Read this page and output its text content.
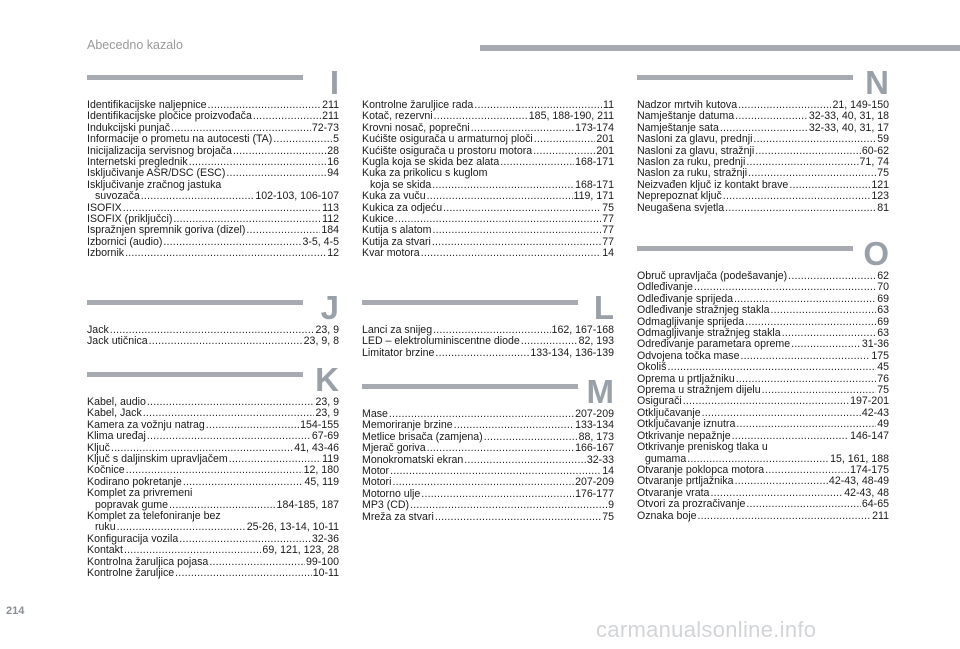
Abecedno kazalo
I
Identifikacijske naljepnice .....	211
Identifikacijske pločice proizvođača .....	211
Indukcijski punjač .....	72-73
Informacije o prometu na autocesti (TA) .....	5
Inicijalizacija servisnog brojača .....	28
Internetski preglednik .....	16
Isključivanje ASR/DSC (ESC) .....	94
Isključivanje zračnog jastuka
suvozača .....	102-103, 106-107
ISOFIX .....	113
ISOFIX (priključci) .....	112
Ispražnjen spremnik goriva (dizel) .....	184
Izbornici (audio) .....	3-5, 4-5
Izbornik .....	12
J
Jack .....	23, 9
Jack utičnica .....	23, 9, 8
K
Kabel, audio .....	23, 9
Kabel, Jack .....	23, 9
Kamera za vožnju natrag .....	154-155
Klima uređaj .....	67-69
Ključ .....	41, 43-46
Ključ s daljinskim upravljačem .....	119
Kočnice .....	12, 180
Kodirano pokretanje .....	45, 119
Komplet za privremeni
popravak gume .....	184-185, 187
Komplet za telefoniranje bez
ruku .....	25-26, 13-14, 10-11
Konfiguracija vozila .....	32-36
Kontakt .....	69, 121, 123, 28
Kontrolna žaruljica pojasa .....	99-100
Kontrolne žaruljice .....	10-11
Kontrolne žaruljice rada .....	11
Kotač, rezervni .....	185, 188-190, 211
Krovni nosač, poprečni .....	173-174
Kućište osigurača u armaturnoj ploči .....	201
Kućište osigurača u prostoru motora .....	201
Kugla koja se skida bez alata .....	168-171
Kuka za prikolicu s kuglom
koja se skida .....	168-171
Kuka za vuču .....	119, 171
Kukica za odjeću .....	75
Kukice .....	77
Kutija s alatom .....	77
Kutija za stvari .....	77
Kvar motora .....	14
L
Lanci za snijeg .....	162, 167-168
LED – elektroluminiscentne diode .....	82, 193
Limitator brzine .....	133-134, 136-139
M
Mase .....	207-209
Memoriranje brzine .....	133-134
Metlice brisača (zamjena) .....	88, 173
Mjerač goriva .....	166-167
Monokromatski ekran .....	32-33
Motor .....	14
Motori .....	207-209
Motorno ulje .....	176-177
MP3 (CD) .....	9
Mreža za stvari .....	75
N
Nadzor mrtvih kutova .....	21, 149-150
Namještanje datuma .....	32-33, 40, 31, 18
Namještanje sata .....	32-33, 40, 31, 17
Nasloni za glavu, prednji .....	59
Nasloni za glavu, stražnji .....	60-62
Naslon za ruku, prednji .....	71, 74
Naslon za ruku, stražnji .....	75
Neizvađen ključ iz kontakt brave .....	121
Neprepoznat ključ .....	123
Neugašena svjetla .....	81
O
Obruč upravljača (podešavanje) .....	62
Odleđivanje .....	70
Odleđivanje sprijeda .....	69
Odleđivanje stražnjeg stakla .....	63
Odmagljivanje sprijeda .....	69
Odmagljivanje stražnjeg stakla .....	63
Određivanje parametara opreme .....	31-36
Odvojena točka mase .....	175
Okoliš .....	45
Oprema u prtljažniku .....	76
Oprema u stražnjem dijelu .....	75
Osigurači .....	197-201
Otključavanje .....	42-43
Otključavanje iznutra .....	49
Otkrivanje nepažnje .....	146-147
Otkrivanje preniskog tlaka u
gumama .....	15, 161, 188
Otvaranje poklopca motora .....	174-175
Otvaranje prtljažnika .....	42-43, 48-49
Otvaranje vrata .....	42-43, 48
Otvori za prozračivanje .....	64-65
Oznaka boje .....	211
214
carmanualsonline.info
